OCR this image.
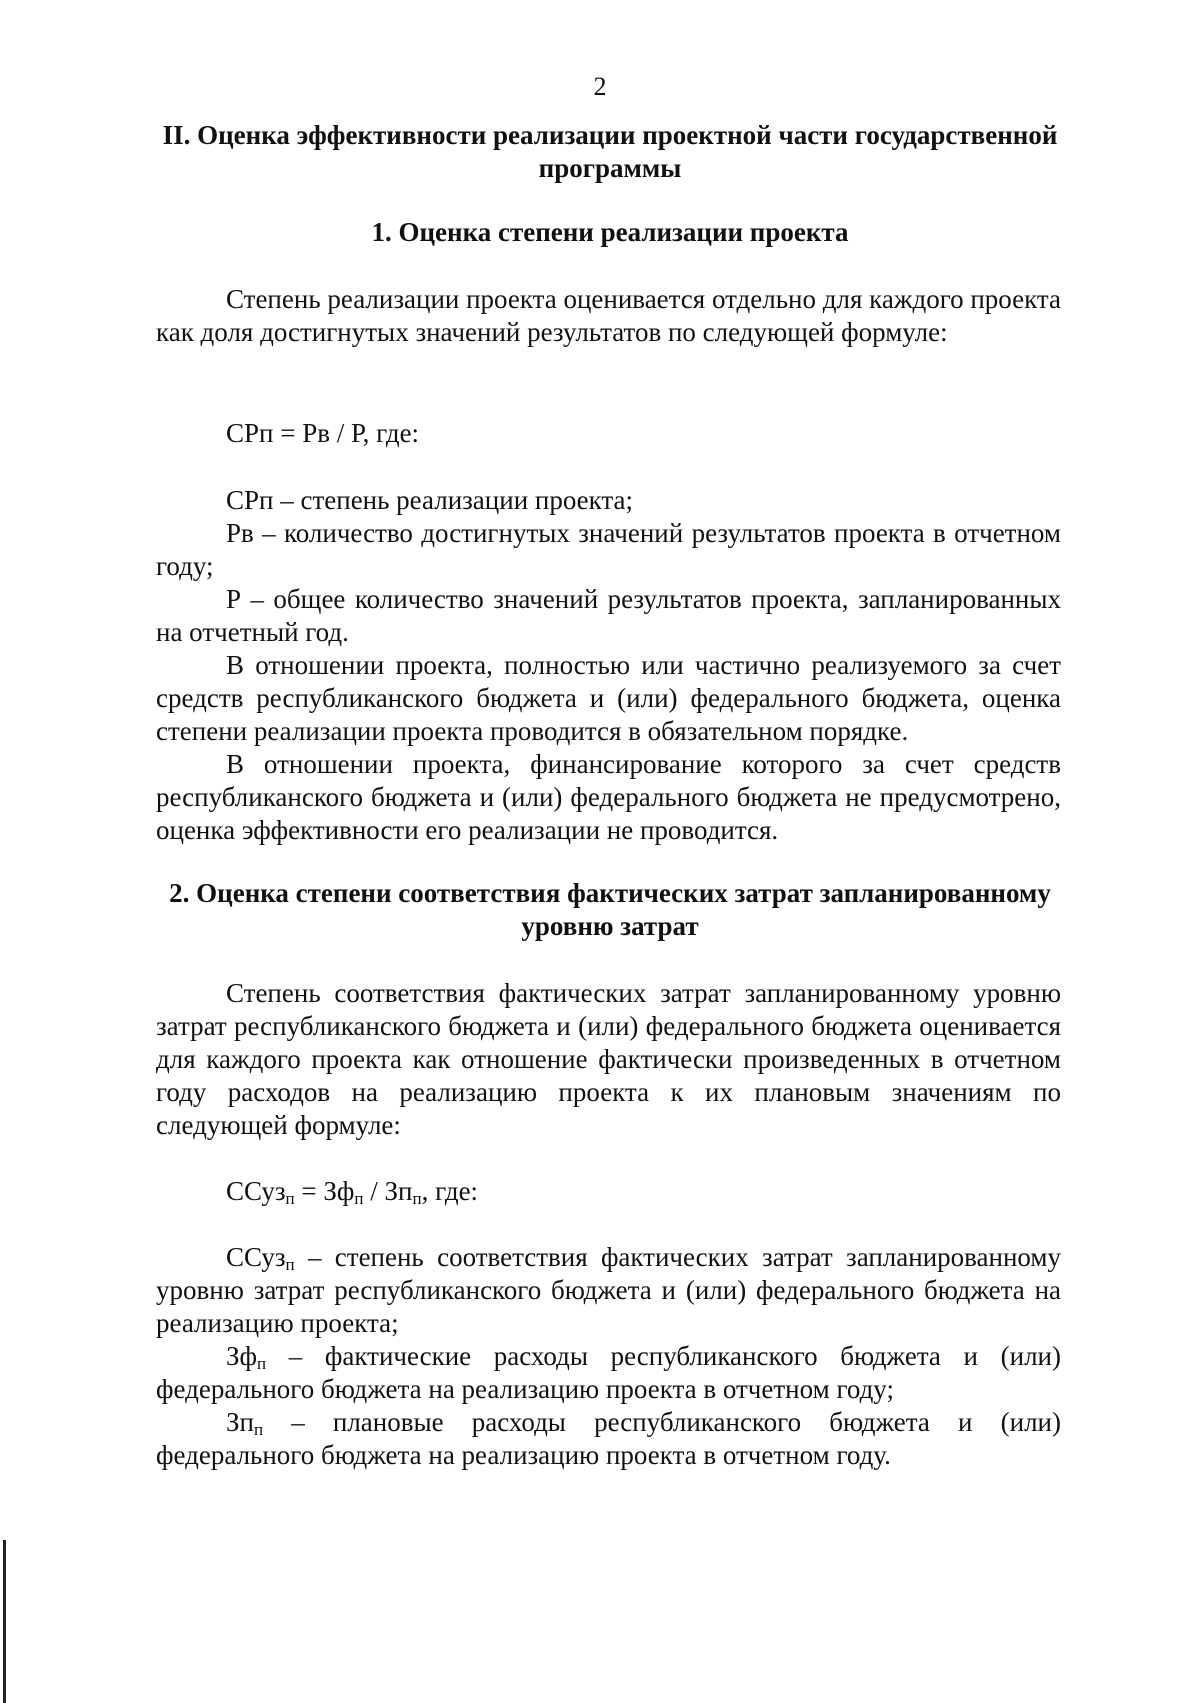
2
II. Оценка эффективности реализации проектной части государственной программы
1. Оценка степени реализации проекта

Степень реализации проекта оценивается отдельно для каждого проекта как доля достигнутых значений результатов по следующей формуле:

СРп = Рв / Р, где:

СРп – степень реализации проекта;

Рв – количество достигнутых значений результатов проекта в отчетном году;

Р – общее количество значений результатов проекта, запланированных на отчетный год.

В отношении проекта, полностью или частично реализуемого за счет средств республиканского бюджета и (или) федерального бюджета, оценка степени реализации проекта проводится в обязательном порядке.

В отношении проекта, финансирование которого за счет средств республиканского бюджета и (или) федерального бюджета не предусмотрено, оценка эффективности его реализации не проводится.

2. Оценка степени соответствия фактических затрат запланированному уровню затрат

Степень соответствия фактических затрат запланированному уровню затрат республиканского бюджета и (или) федерального бюджета оценивается для каждого проекта как отношение фактически произведенных в отчетном году расходов на реализацию проекта к их плановым значениям по следующей формуле:

ССуз$_п$ = $Зф_п / Зп_п$, где:

ССуз$_п$ – степень соответствия фактических затрат запланированному уровню затрат республиканского бюджета и (или) федерального бюджета на реализацию проекта;

$Зф_п$ – фактические расходы республиканского бюджета и (или) федерального бюджета на реализацию проекта в отчетном году;

$Зп_п$ – плановые расходы республиканского бюджета и (или) федерального бюджета на реализацию проекта в отчетном году.
